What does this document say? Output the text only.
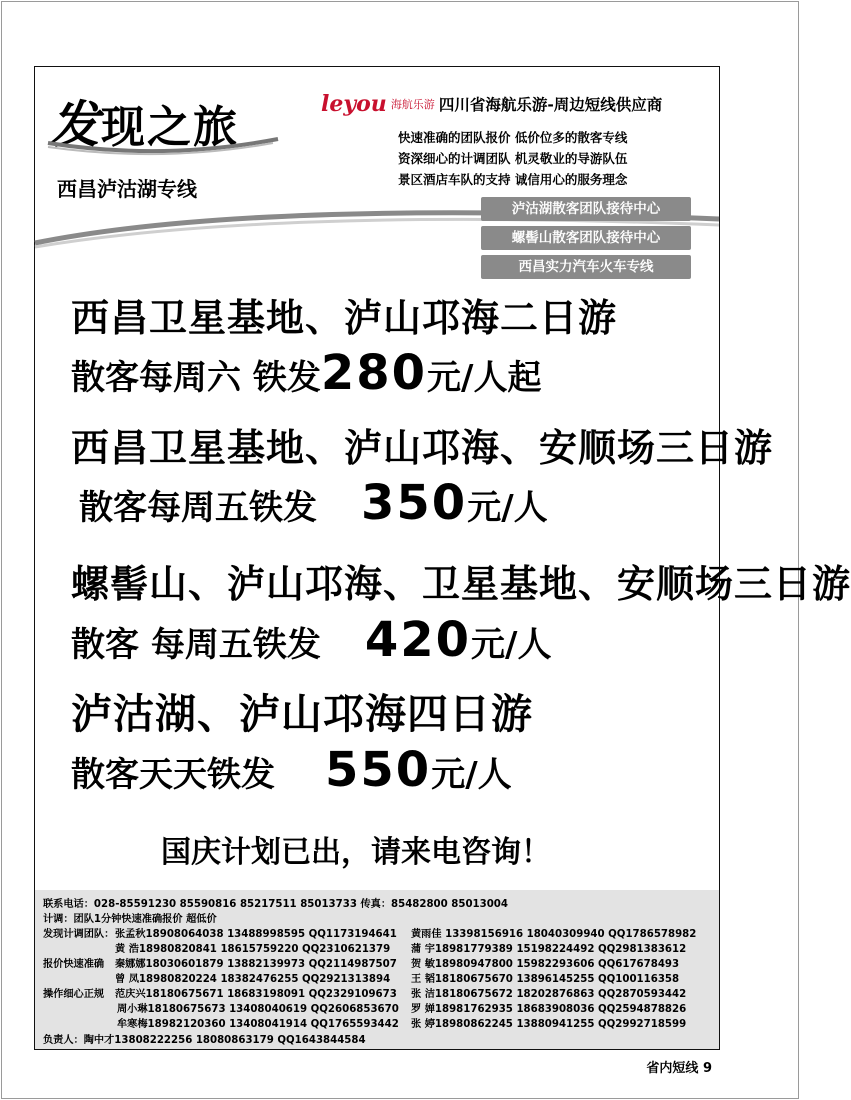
发现之旅
西昌泸沽湖专线
leyou 海航乐游 四川省海航乐游-周边短线供应商
快速准确的团队报价 低价位多的散客专线
资深细心的计调团队 机灵敬业的导游队伍
景区酒店车队的支持 诚信用心的服务理念
泸沽湖散客团队接待中心
螺髻山散客团队接待中心
西昌实力汽车火车专线
西昌卫星基地、泸山邛海二日游
散客每周六 铁发280元/人起
西昌卫星基地、泸山邛海、安顺场三日游
散客每周五铁发 350元/人
螺髻山、泸山邛海、卫星基地、安顺场三日游
散客 每周五铁发 420元/人
泸沽湖、泸山邛海四日游
散客天天铁发 550元/人
国庆计划已出，请来电咨询！
联系电话：028-85591230 85590816 85217511 85013733 传真：85482800 85013004
计调：团队1分钟快速准确报价 超低价
发现计调团队： 张孟秋18908064038 13488998595 QQ1173194641 黄雨佳 13398156916 18040309940 QQ1786578982
黄 浩18980820841 18615759220 QQ2310621379 蒲 宇18981779389 15198224492 QQ2981383612
报价快速准确 秦娜娜18030601879 13882139973 QQ2114987507 贺 敏18980947800 15982293606 QQ617678493
曾 凤18980820224 18382476255 QQ2921313894 王 韬18180675670 13896145255 QQ100116358
操作细心正规 范庆兴18180675671 18683198091 QQ2329109673 张 洁18180675672 18202876863 QQ2870593442
周小琳18180675673 13408040619 QQ2606853670 罗 婵18981762935 18683908036 QQ2594878826
牟寒梅18982120360 13408041914 QQ1765593442 张 婷18980862245 13880941255 QQ2992718599
负责人：陶中才13808222256 18080863179 QQ1643844584
省内短线 9
